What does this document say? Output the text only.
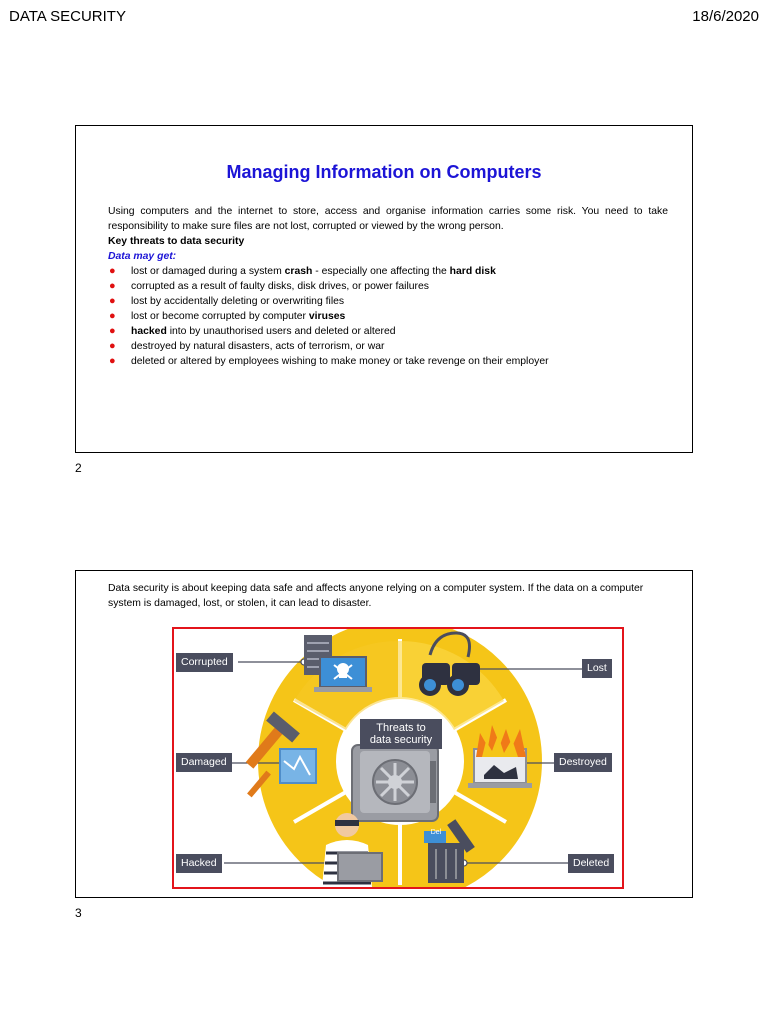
DATA SECURITY	18/6/2020
Managing Information on Computers

Using computers and the internet to store, access and organise information carries some risk. You need to take responsibility to make sure files are not lost, corrupted or viewed by the wrong person.

Key threats to data security
Data may get:
● lost or damaged during a system crash - especially one affecting the hard disk
● corrupted as a result of faulty disks, disk drives, or power failures
● lost by accidentally deleting or overwriting files
● lost or become corrupted by computer viruses
● hacked into by unauthorised users and deleted or altered
● destroyed by natural disasters, acts of terrorism, or war
● deleted or altered by employees wishing to make money or take revenge on their employer
2
Data security is about keeping data safe and affects anyone relying on a computer system. If the data on a computer system is damaged, lost, or stolen, it can lead to disaster.
Threats to
data security
Corrupted	Lost
Damaged	Destroyed
Hacked	Deleted
Del
3
